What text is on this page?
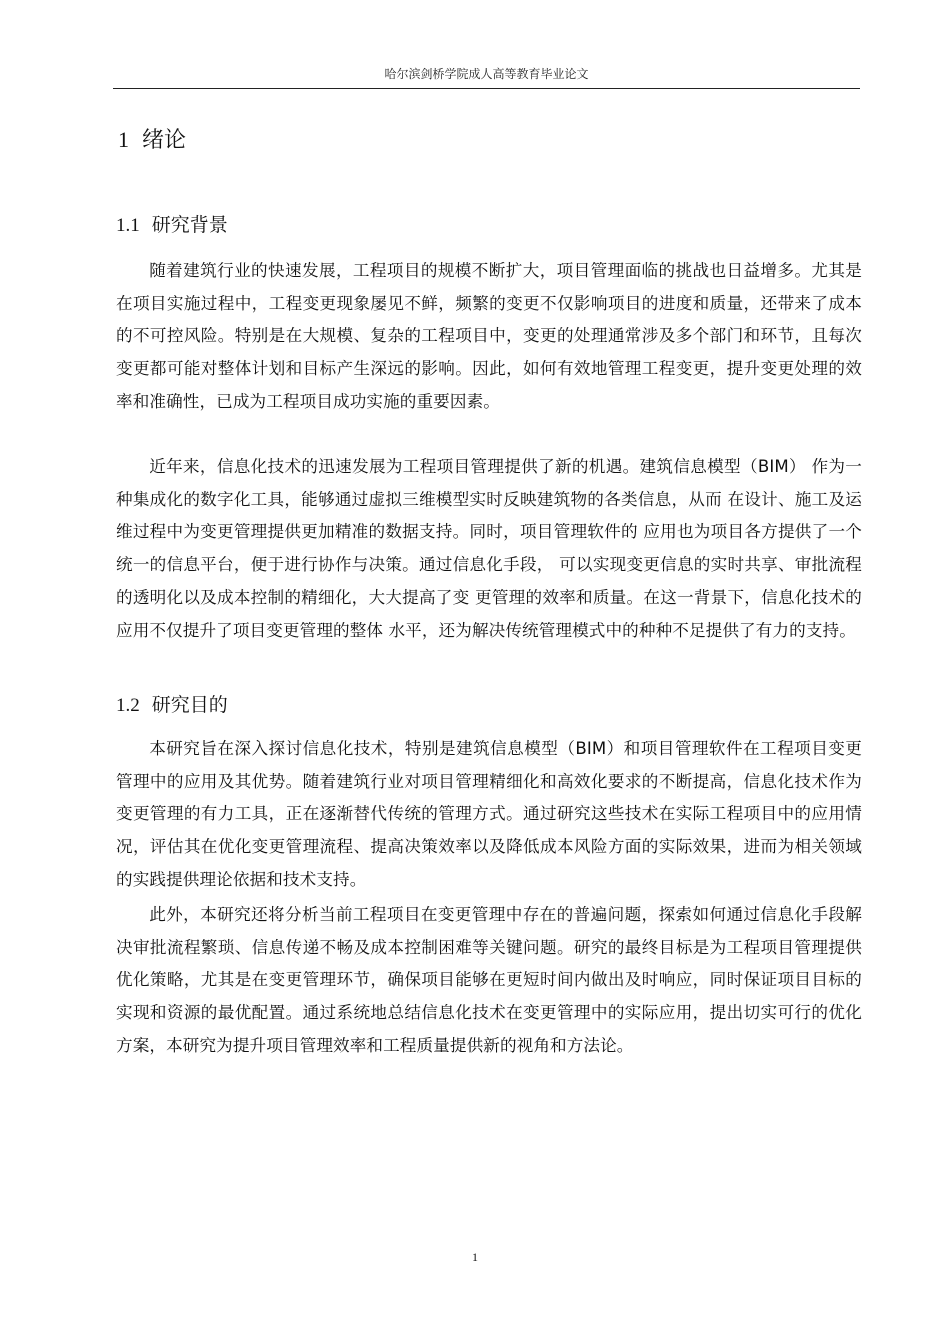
哈尔滨剑桥学院成人高等教育毕业论文
1 绪论
1.1 研究背景

随着建筑行业的快速发展，工程项目的规模不断扩大，项目管理面临的挑战也日益增多。尤其是在项目实施过程中，工程变更现象屡见不鲜，频繁的变更不仅影响项目的进度和质量，还带来了成本的不可控风险。特别是在大规模、复杂的工程项目中，变更的处理通常涉及多个部门和环节，且每次变更都可能对整体计划和目标产生深远的影响。因此，如何有效地管理工程变更，提升变更处理的效率和准确性，已成为工程项目成功实施的重要因素。

近年来，信息化技术的迅速发展为工程项目管理提供了新的机遇。建筑信息模型（BIM） 作为一种集成化的数字化工具，能够通过虚拟三维模型实时反映建筑物的各类信息，从而 在设计、施工及运维过程中为变更管理提供更加精准的数据支持。同时，项目管理软件的 应用也为项目各方提供了一个统一的信息平台，便于进行协作与决策。通过信息化手段， 可以实现变更信息的实时共享、审批流程的透明化以及成本控制的精细化，大大提高了变 更管理的效率和质量。在这一背景下，信息化技术的应用不仅提升了项目变更管理的整体 水平，还为解决传统管理模式中的种种不足提供了有力的支持。

1.2 研究目的

本研究旨在深入探讨信息化技术，特别是建筑信息模型（BIM）和项目管理软件在工程项目变更管理中的应用及其优势。随着建筑行业对项目管理精细化和高效化要求的不断提高，信息化技术作为变更管理的有力工具，正在逐渐替代传统的管理方式。通过研究这些技术在实际工程项目中的应用情况，评估其在优化变更管理流程、提高决策效率以及降低成本风险方面的实际效果，进而为相关领域的实践提供理论依据和技术支持。

此外，本研究还将分析当前工程项目在变更管理中存在的普遍问题，探索如何通过信息化手段解决审批流程繁琐、信息传递不畅及成本控制困难等关键问题。研究的最终目标是为工程项目管理提供优化策略，尤其是在变更管理环节，确保项目能够在更短时间内做出及时响应，同时保证项目目标的实现和资源的最优配置。通过系统地总结信息化技术在变更管理中的实际应用，提出切实可行的优化方案，本研究为提升项目管理效率和工程质量提供新的视角和方法论。

1
